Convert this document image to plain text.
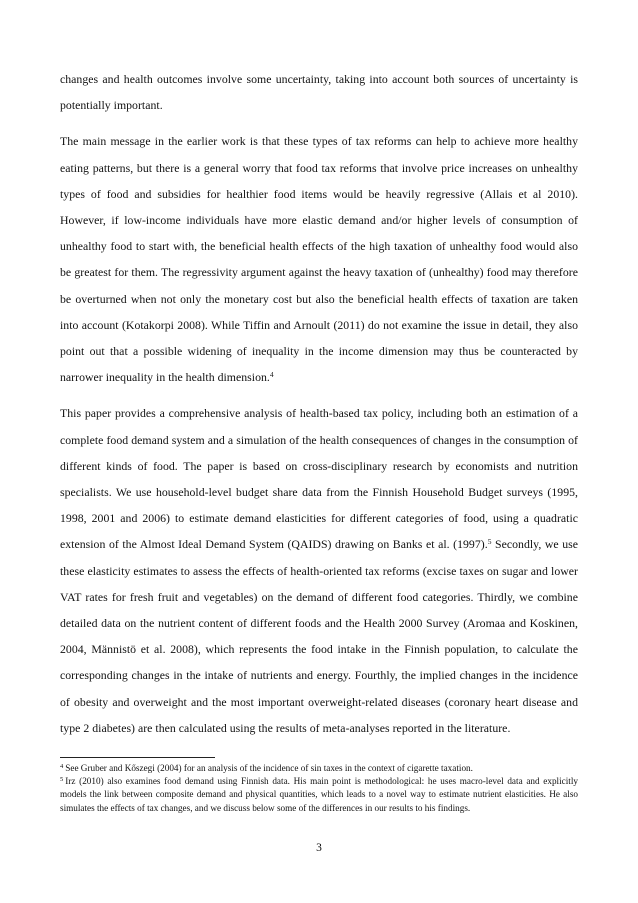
changes and health outcomes involve some uncertainty, taking into account both sources of uncertainty is potentially important.

The main message in the earlier work is that these types of tax reforms can help to achieve more healthy eating patterns, but there is a general worry that food tax reforms that involve price increases on unhealthy types of food and subsidies for healthier food items would be heavily regressive (Allais et al 2010). However, if low-income individuals have more elastic demand and/or higher levels of consumption of unhealthy food to start with, the beneficial health effects of the high taxation of unhealthy food would also be greatest for them. The regressivity argument against the heavy taxation of (unhealthy) food may therefore be overturned when not only the monetary cost but also the beneficial health effects of taxation are taken into account (Kotakorpi 2008). While Tiffin and Arnoult (2011) do not examine the issue in detail, they also point out that a possible widening of inequality in the income dimension may thus be counteracted by narrower inequality in the health dimension.$^4$

This paper provides a comprehensive analysis of health-based tax policy, including both an estimation of a complete food demand system and a simulation of the health consequences of changes in the consumption of different kinds of food. The paper is based on cross-disciplinary research by economists and nutrition specialists. We use household-level budget share data from the Finnish Household Budget surveys (1995, 1998, 2001 and 2006) to estimate demand elasticities for different categories of food, using a quadratic extension of the Almost Ideal Demand System (QAIDS) drawing on Banks et al. (1997).$^5$ Secondly, we use these elasticity estimates to assess the effects of health-oriented tax reforms (excise taxes on sugar and lower VAT rates for fresh fruit and vegetables) on the demand of different food categories. Thirdly, we combine detailed data on the nutrient content of different foods and the Health 2000 Survey (Aromaa and Koskinen, 2004, Männistö et al. 2008), which represents the food intake in the Finnish population, to calculate the corresponding changes in the intake of nutrients and energy. Fourthly, the implied changes in the incidence of obesity and overweight and the most important overweight-related diseases (coronary heart disease and type 2 diabetes) are then calculated using the results of meta-analyses reported in the literature.

$^4$ See Gruber and Kőszegi (2004) for an analysis of the incidence of sin taxes in the context of cigarette taxation.

$^5$ Irz (2010) also examines food demand using Finnish data. His main point is methodological: he uses macro-level data and explicitly models the link between composite demand and physical quantities, which leads to a novel way to estimate nutrient elasticities. He also simulates the effects of tax changes, and we discuss below some of the differences in our results to his findings.

3
